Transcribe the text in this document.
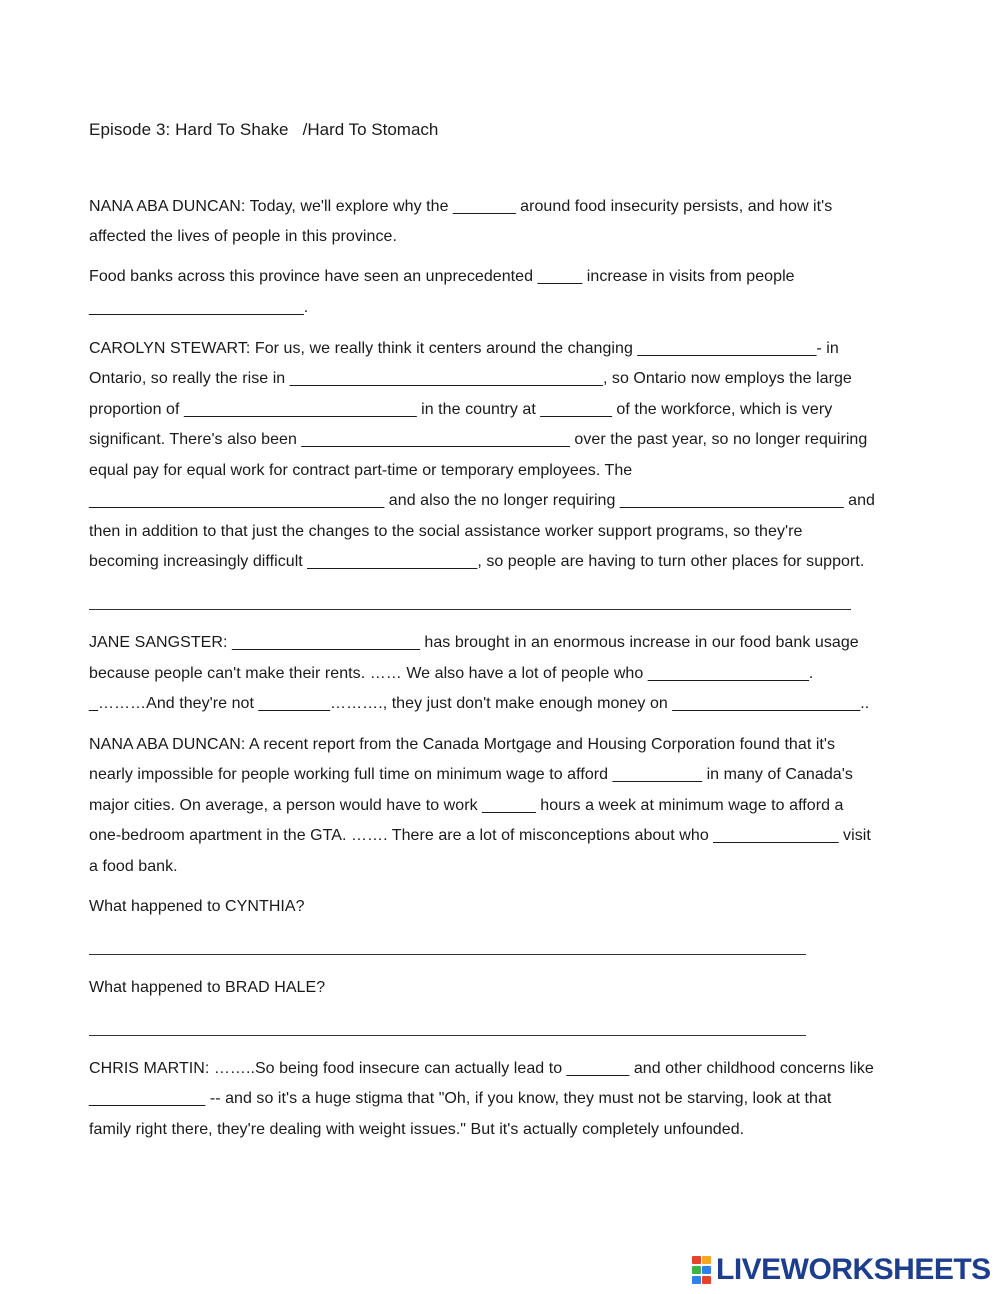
Episode 3: Hard To Shake /Hard To Stomach
NANA ABA DUNCAN: Today, we'll explore why the _______ around food insecurity persists, and how it's
affected the lives of people in this province.
Food banks across this province have seen an unprecedented _____ increase in visits from people
________________________.
CAROLYN STEWART: For us, we really think it centers around the changing ____________________- in
Ontario, so really the rise in ___________________________________, so Ontario now employs the large
proportion of __________________________ in the country at ________ of the workforce, which is very
significant. There's also been ______________________________ over the past year, so no longer requiring
equal pay for equal work for contract part-time or temporary employees. The
_________________________________ and also the no longer requiring _________________________ and
then in addition to that just the changes to the social assistance worker support programs, so they're
becoming increasingly difficult ___________________, so people are having to turn other places for support.
JANE SANGSTER: _____________________ has brought in an enormous increase in our food bank usage
because people can't make their rents. …… We also have a lot of people who __________________.
_………And they're not ________………., they just don't make enough money on _____________________..
NANA ABA DUNCAN: A recent report from the Canada Mortgage and Housing Corporation found that it's
nearly impossible for people working full time on minimum wage to afford __________ in many of Canada's
major cities. On average, a person would have to work ______ hours a week at minimum wage to afford a
one-bedroom apartment in the GTA. ……. There are a lot of misconceptions about who ______________ visit
a food bank.
What happened to CYNTHIA?
What happened to BRAD HALE?
CHRIS MARTIN: ……..So being food insecure can actually lead to _______ and other childhood concerns like
_____________ -- and so it's a huge stigma that "Oh, if you know, they must not be starving, look at that
family right there, they're dealing with weight issues." But it's actually completely unfounded.
LIVEWORKSHEETS
